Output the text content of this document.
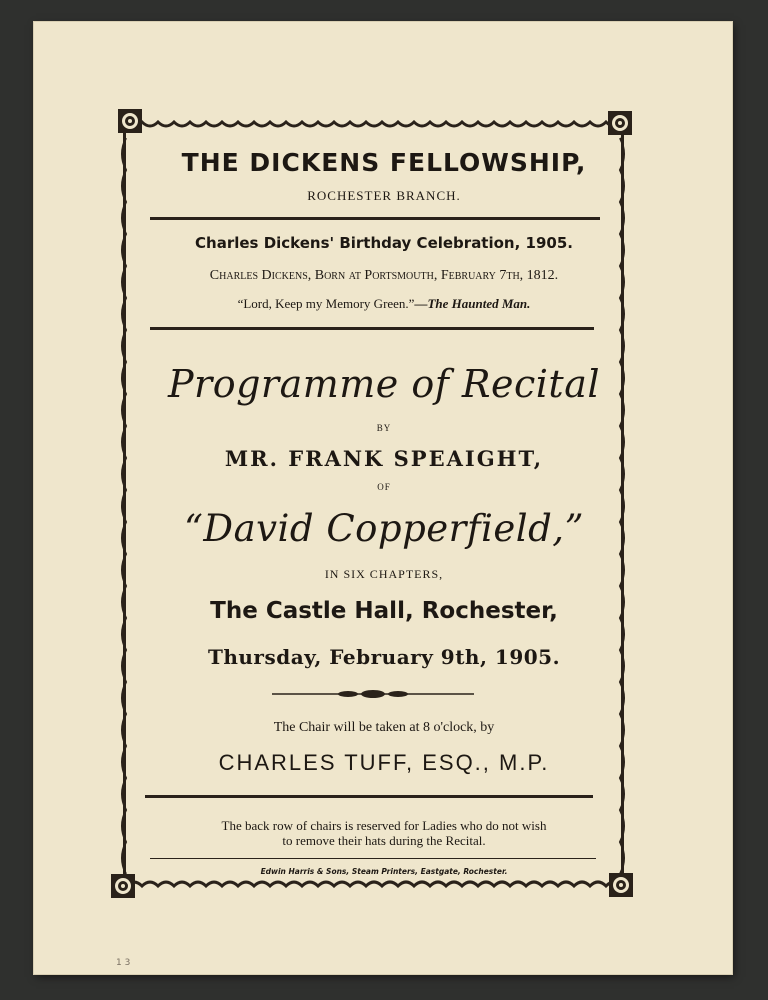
THE DICKENS FELLOWSHIP,
ROCHESTER BRANCH.
Charles Dickens' Birthday Celebration, 1905.
Charles Dickens, Born at Portsmouth, February 7th, 1812.
“Lord, Keep my Memory Green.”—The Haunted Man.
Programme of Recital
BY
MR. FRANK SPEAIGHT,
OF
“David Copperfield,”
IN SIX CHAPTERS,
The Castle Hall, Rochester,
Thursday, February 9th, 1905.
The Chair will be taken at 8 o'clock, by
CHARLES TUFF, ESQ., M.P.
The back row of chairs is reserved for Ladies who do not wish
to remove their hats during the Recital.
Edwin Harris & Sons, Steam Printers, Eastgate, Rochester.
1 3
